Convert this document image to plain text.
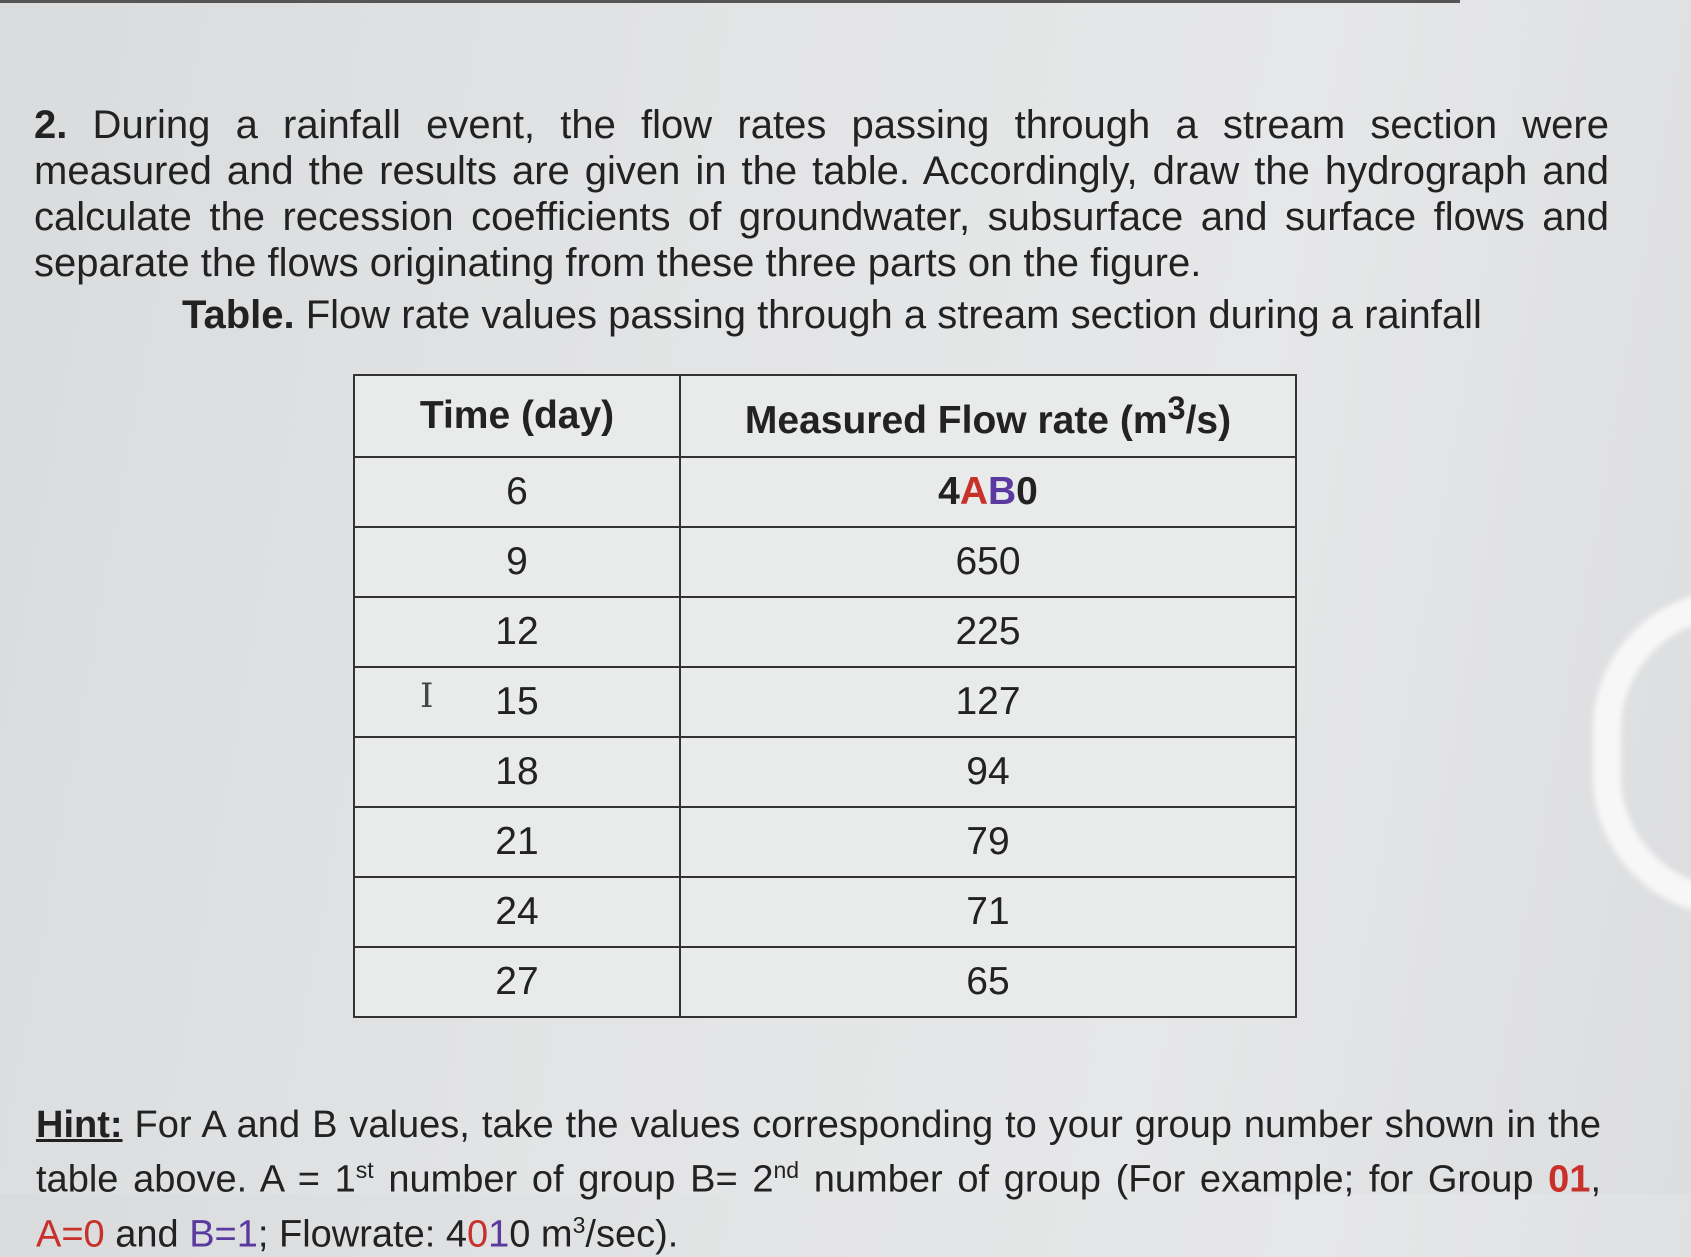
2. During a rainfall event, the flow rates passing through a stream section were measured and the results are given in the table. Accordingly, draw the hydrograph and calculate the recession coefficients of groundwater, subsurface and surface flows and separate the flows originating from these three parts on the figure.

Table. Flow rate values passing through a stream section during a rainfall
Time (day)	Measured Flow rate $(m^3/s)$
6	4AB0
9	650
12	225
15	127
18	94
21	79
24	71
27	65
I

Hint: For A and B values, take the values corresponding to your group number shown in the table above. A = 1st number of group B= 2nd number of group (For example; for Group 01, A=0 and B=1; Flowrate: 4010 $m^3/\sec$).
